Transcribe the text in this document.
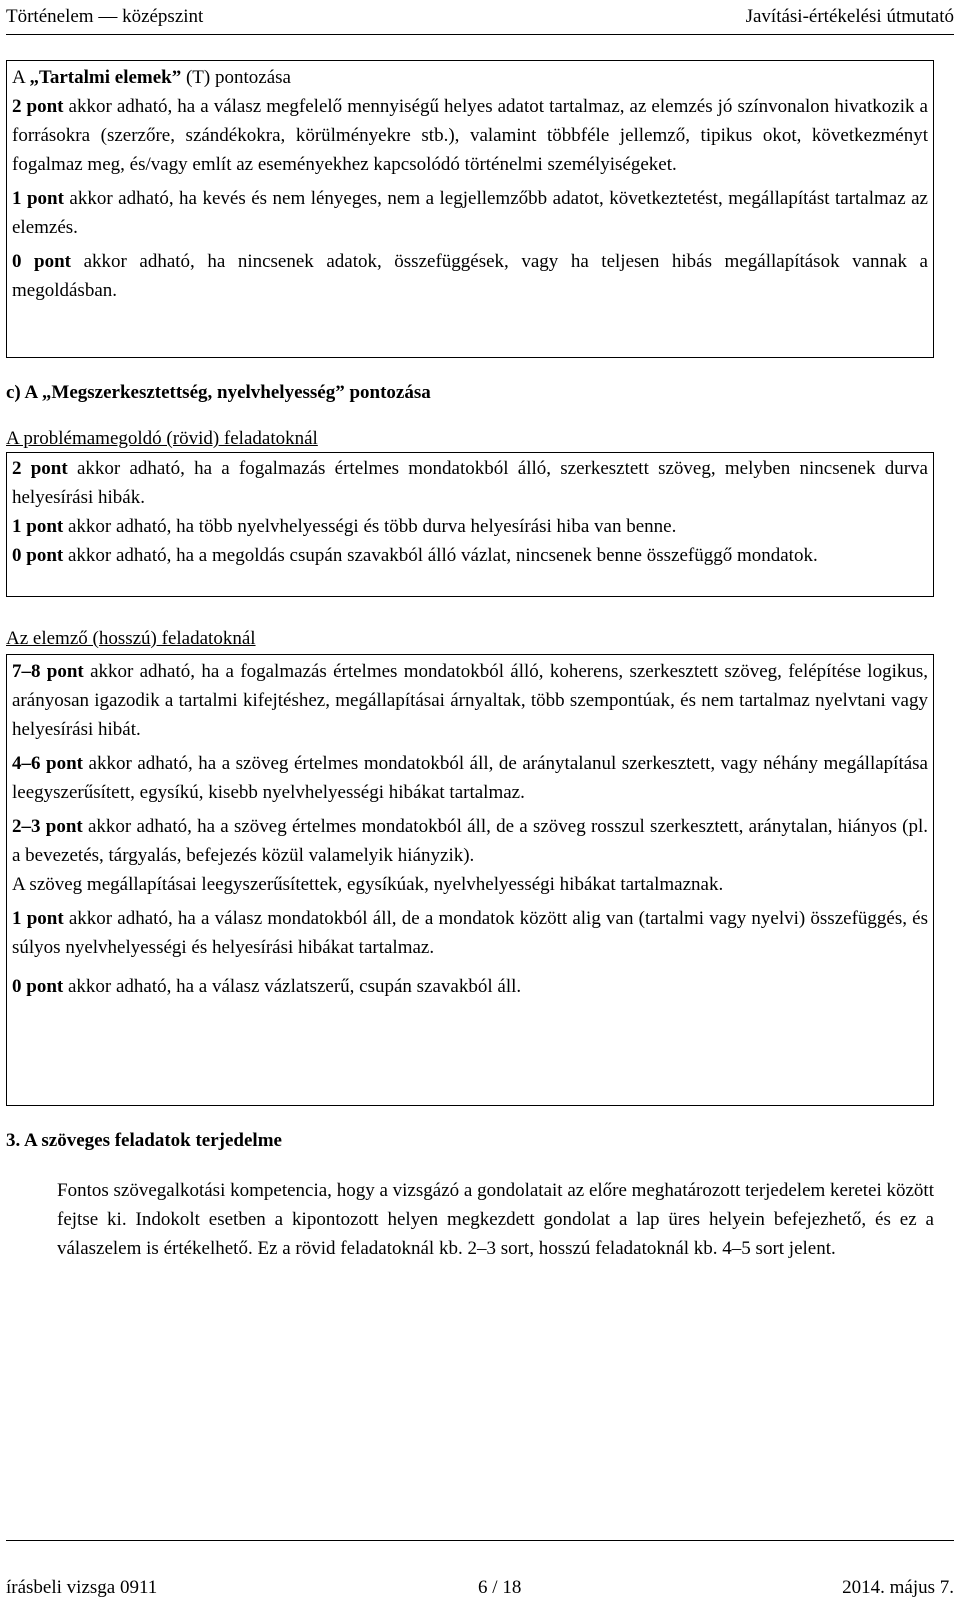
Történelem — középszint	Javítási-értékelési útmutató

A „Tartalmi elemek” (T) pontozása

2 pont akkor adható, ha a válasz megfelelő mennyiségű helyes adatot tartalmaz, az elemzés jó színvonalon hivatkozik a forrásokra (szerzőre, szándékokra, körülményekre stb.), valamint többféle jellemző, tipikus okot, következményt fogalmaz meg, és/vagy említ az eseményekhez kapcsolódó történelmi személyiségeket.

1 pont akkor adható, ha kevés és nem lényeges, nem a legjellemzőbb adatot, következtetést, megállapítást tartalmaz az elemzés.

0 pont akkor adható, ha nincsenek adatok, összefüggések, vagy ha teljesen hibás megállapítások vannak a megoldásban.

c) A „Megszerkesztettség, nyelvhelyesség” pontozása

A problémamegoldó (rövid) feladatoknál

2 pont akkor adható, ha a fogalmazás értelmes mondatokból álló, szerkesztett szöveg, melyben nincsenek durva helyesírási hibák.

1 pont akkor adható, ha több nyelvhelyességi és több durva helyesírási hiba van benne.

0 pont akkor adható, ha a megoldás csupán szavakból álló vázlat, nincsenek benne összefüggő mondatok.

Az elemző (hosszú) feladatoknál

7–8 pont akkor adható, ha a fogalmazás értelmes mondatokból álló, koherens, szerkesztett szöveg, felépítése logikus, arányosan igazodik a tartalmi kifejtéshez, megállapításai árnyaltak, több szempontúak, és nem tartalmaz nyelvtani vagy helyesírási hibát.

4–6 pont akkor adható, ha a szöveg értelmes mondatokból áll, de aránytalanul szerkesztett, vagy néhány megállapítása leegyszerűsített, egysíkú, kisebb nyelvhelyességi hibákat tartalmaz.

2–3 pont akkor adható, ha a szöveg értelmes mondatokból áll, de a szöveg rosszul szerkesztett, aránytalan, hiányos (pl. a bevezetés, tárgyalás, befejezés közül valamelyik hiányzik).

A szöveg megállapításai leegyszerűsítettek, egysíkúak, nyelvhelyességi hibákat tartalmaznak.

1 pont akkor adható, ha a válasz mondatokból áll, de a mondatok között alig van (tartalmi vagy nyelvi) összefüggés, és súlyos nyelvhelyességi és helyesírási hibákat tartalmaz.

0 pont akkor adható, ha a válasz vázlatszerű, csupán szavakból áll.

3. A szöveges feladatok terjedelme

Fontos szövegalkotási kompetencia, hogy a vizsgázó a gondolatait az előre meghatározott terjedelem keretei között fejtse ki. Indokolt esetben a kipontozott helyen megkezdett gondolat a lap üres helyein befejezhető, és ez a válaszelem is értékelhető. Ez a rövid feladatoknál kb. 2–3 sort, hosszú feladatoknál kb. 4–5 sort jelent.

írásbeli vizsga 0911	6 / 18	2014. május 7.
